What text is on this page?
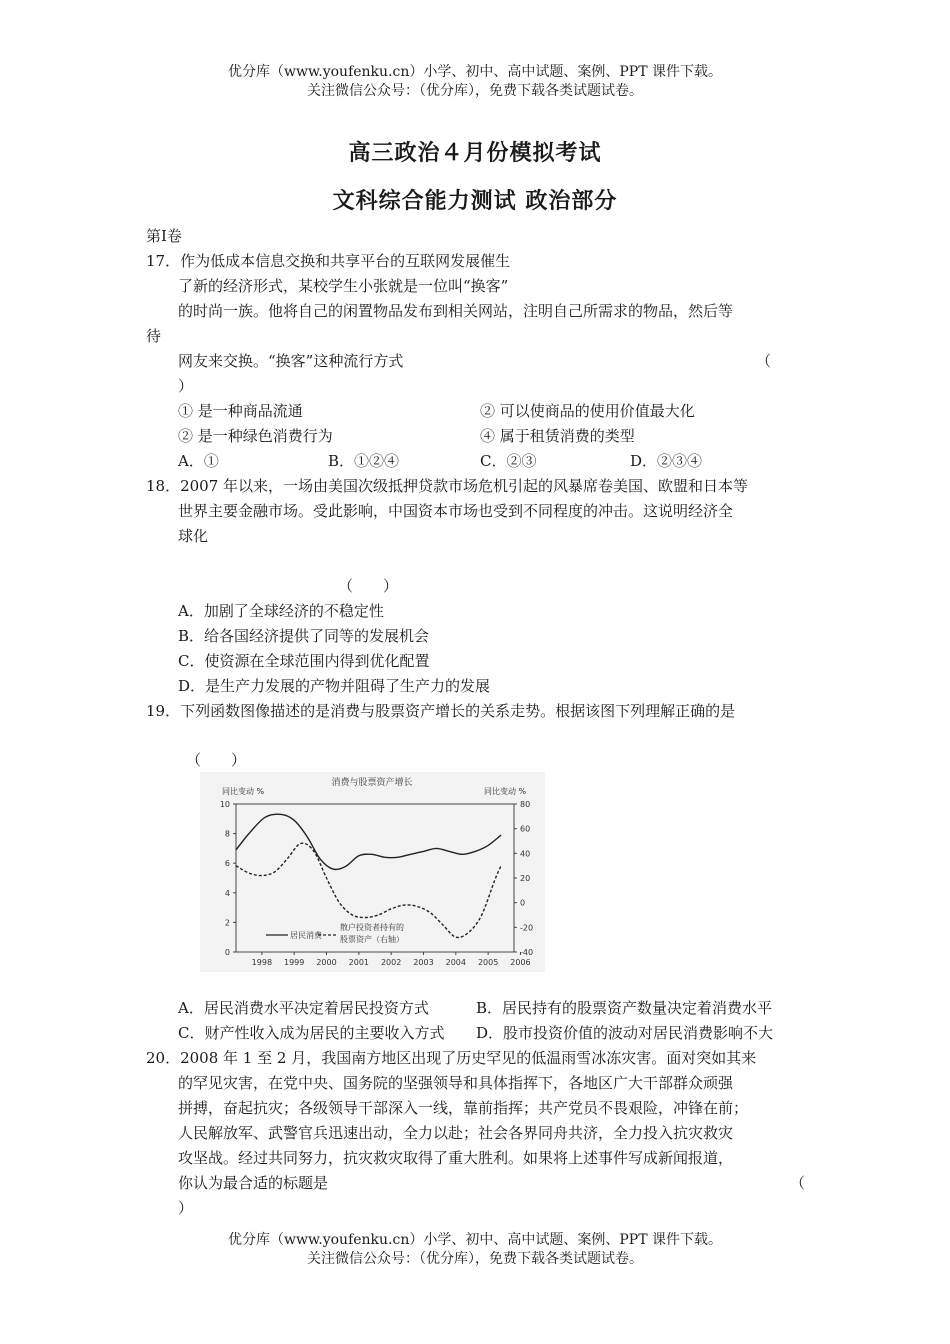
优分库（www.youfenku.cn）小学、初中、高中试题、案例、PPT 课件下载。
关注微信公众号：（优分库），免费下载各类试题试卷。
高三政治４月份模拟考试
文科综合能力测试 政治部分
第Ⅰ卷
17．作为低成本信息交换和共享平台的互联网发展催生
了新的经济形式，某校学生小张就是一位叫“换客”
的时尚一族。他将自己的闲置物品发布到相关网站，注明自己所需求的物品，然后等
待
网友来交换。“换客”这种流行方式	（
）
① 是一种商品流通	② 可以使商品的使用价值最大化
② 是一种绿色消费行为	④ 属于租赁消费的类型
A．①	B．①②④	C．②③	D．②③④
18．2007 年以来，一场由美国次级抵押贷款市场危机引起的风暴席卷美国、欧盟和日本等
世界主要金融市场。受此影响，中国资本市场也受到不同程度的冲击。这说明经济全
球化
（　　）
A．加剧了全球经济的不稳定性
B．给各国经济提供了同等的发展机会
C．使资源在全球范围内得到优化配置
D．是生产力发展的产物并阻碍了生产力的发展
19．下列函数图像描述的是消费与股票资产增长的关系走势。根据该图下列理解正确的是
（　　）
消费与股票资产增长
同比变动 %	同比变动 %
1998 1999 2000 2001 2002 2003 2004 2005 2006
10
8
6
4
2
0
80
60
40
20
0
-20
-40
居民消费
散户投资者持有的
股票资产（右轴）
A．居民消费水平决定着居民投资方式	B．居民持有的股票资产数量决定着消费水平
C．财产性收入成为居民的主要收入方式 D．股市投资价值的波动对居民消费影响不大
20．2008 年 1 至 2 月，我国南方地区出现了历史罕见的低温雨雪冰冻灾害。面对突如其来
的罕见灾害，在党中央、国务院的坚强领导和具体指挥下，各地区广大干部群众顽强
拼搏，奋起抗灾；各级领导干部深入一线，靠前指挥；共产党员不畏艰险，冲锋在前；
人民解放军、武警官兵迅速出动，全力以赴；社会各界同舟共济，全力投入抗灾救灾
攻坚战。经过共同努力，抗灾救灾取得了重大胜利。如果将上述事件写成新闻报道，
你认为最合适的标题是	（
）
优分库（www.youfenku.cn）小学、初中、高中试题、案例、PPT 课件下载。
关注微信公众号：（优分库），免费下载各类试题试卷。
